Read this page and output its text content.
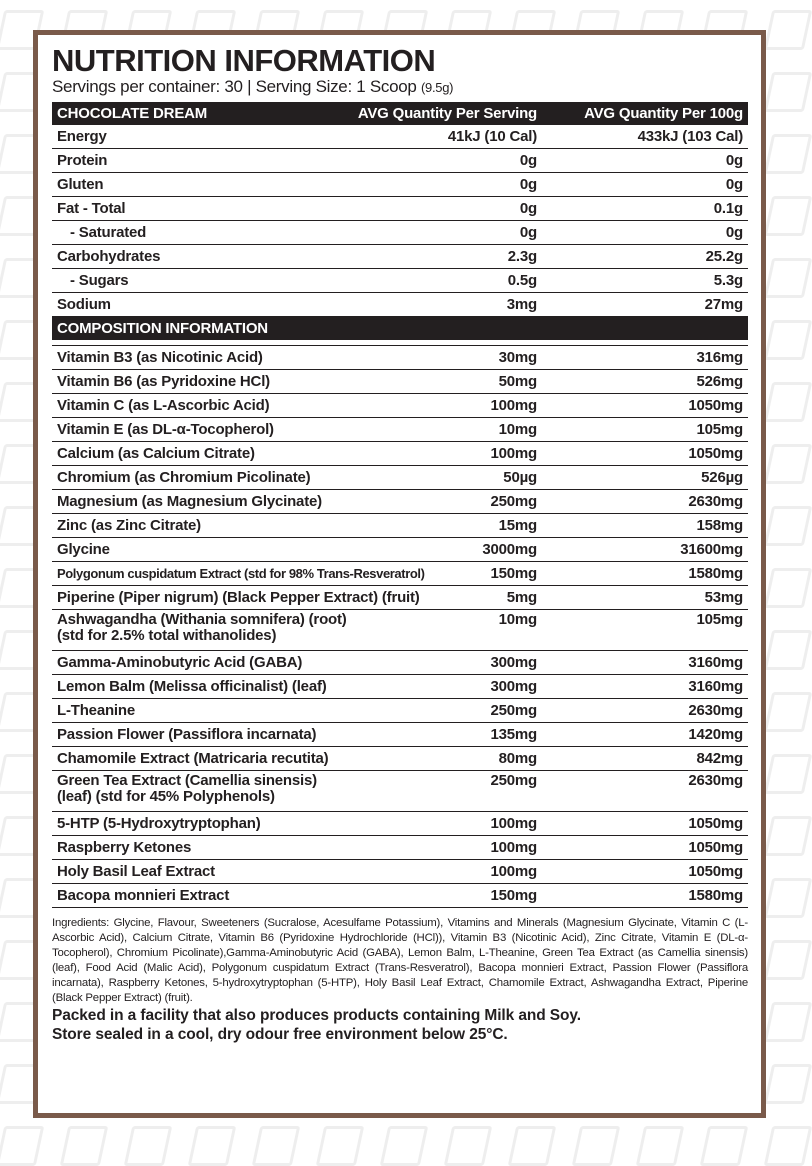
NUTRITION INFORMATION

Servings per container: 30 | Serving Size: 1 Scoop (9.5g)

CHOCOLATE DREAM	AVG Quantity Per Serving	AVG Quantity Per 100g
Energy	41kJ (10 Cal)	433kJ (103 Cal)
Protein	0g	0g
Gluten	0g	0g
Fat - Total	0g	0.1g
- Saturated	0g	0g
Carbohydrates	2.3g	25.2g
- Sugars	0.5g	5.3g
Sodium	3mg	27mg
COMPOSITION INFORMATION		

Vitamin B3 (as Nicotinic Acid)	30mg	316mg
Vitamin B6 (as Pyridoxine HCl)	50mg	526mg
Vitamin C (as L-Ascorbic Acid)	100mg	1050mg
Vitamin E (as DL-α-Tocopherol)	10mg	105mg
Calcium (as Calcium Citrate)	100mg	1050mg
Chromium (as Chromium Picolinate)	50µg	526µg
Magnesium (as Magnesium Glycinate)	250mg	2630mg
Zinc (as Zinc Citrate)	15mg	158mg
Glycine	3000mg	31600mg
Polygonum cuspidatum Extract (std for 98% Trans-Resveratrol)	150mg	1580mg
Piperine (Piper nigrum) (Black Pepper Extract) (fruit)	5mg	53mg
Ashwagandha (Withania somnifera) (root) (std for 2.5% total withanolides)	10mg	105mg
Gamma-Aminobutyric Acid (GABA)	300mg	3160mg
Lemon Balm (Melissa officinalist) (leaf)	300mg	3160mg
L-Theanine	250mg	2630mg
Passion Flower (Passiflora incarnata)	135mg	1420mg
Chamomile Extract (Matricaria recutita)	80mg	842mg
Green Tea Extract (Camellia sinensis) (leaf) (std for 45% Polyphenols)	250mg	2630mg
5-HTP (5-Hydroxytryptophan)	100mg	1050mg
Raspberry Ketones	100mg	1050mg
Holy Basil Leaf Extract	100mg	1050mg
Bacopa monnieri Extract	150mg	1580mg

Ingredients: Glycine, Flavour, Sweeteners (Sucralose, Acesulfame Potassium), Vitamins and Minerals (Magnesium Glycinate, Vitamin C (L-Ascorbic Acid), Calcium Citrate, Vitamin B6 (Pyridoxine Hydrochloride (HCl)), Vitamin B3 (Nicotinic Acid), Zinc Citrate, Vitamin E (DL-α-Tocopherol), Chromium Picolinate),Gamma-Aminobutyric Acid (GABA), Lemon Balm, L-Theanine, Green Tea Extract (as Camellia sinensis) (leaf), Food Acid (Malic Acid), Polygonum cuspidatum Extract (Trans-Resveratrol), Bacopa monnieri Extract, Passion Flower (Passiflora incarnata), Raspberry Ketones, 5-hydroxytryptophan (5-HTP), Holy Basil Leaf Extract, Chamomile Extract, Ashwagandha Extract, Piperine (Black Pepper Extract) (fruit).

Packed in a facility that also produces products containing Milk and Soy.

Store sealed in a cool, dry odour free environment below 25°C.
